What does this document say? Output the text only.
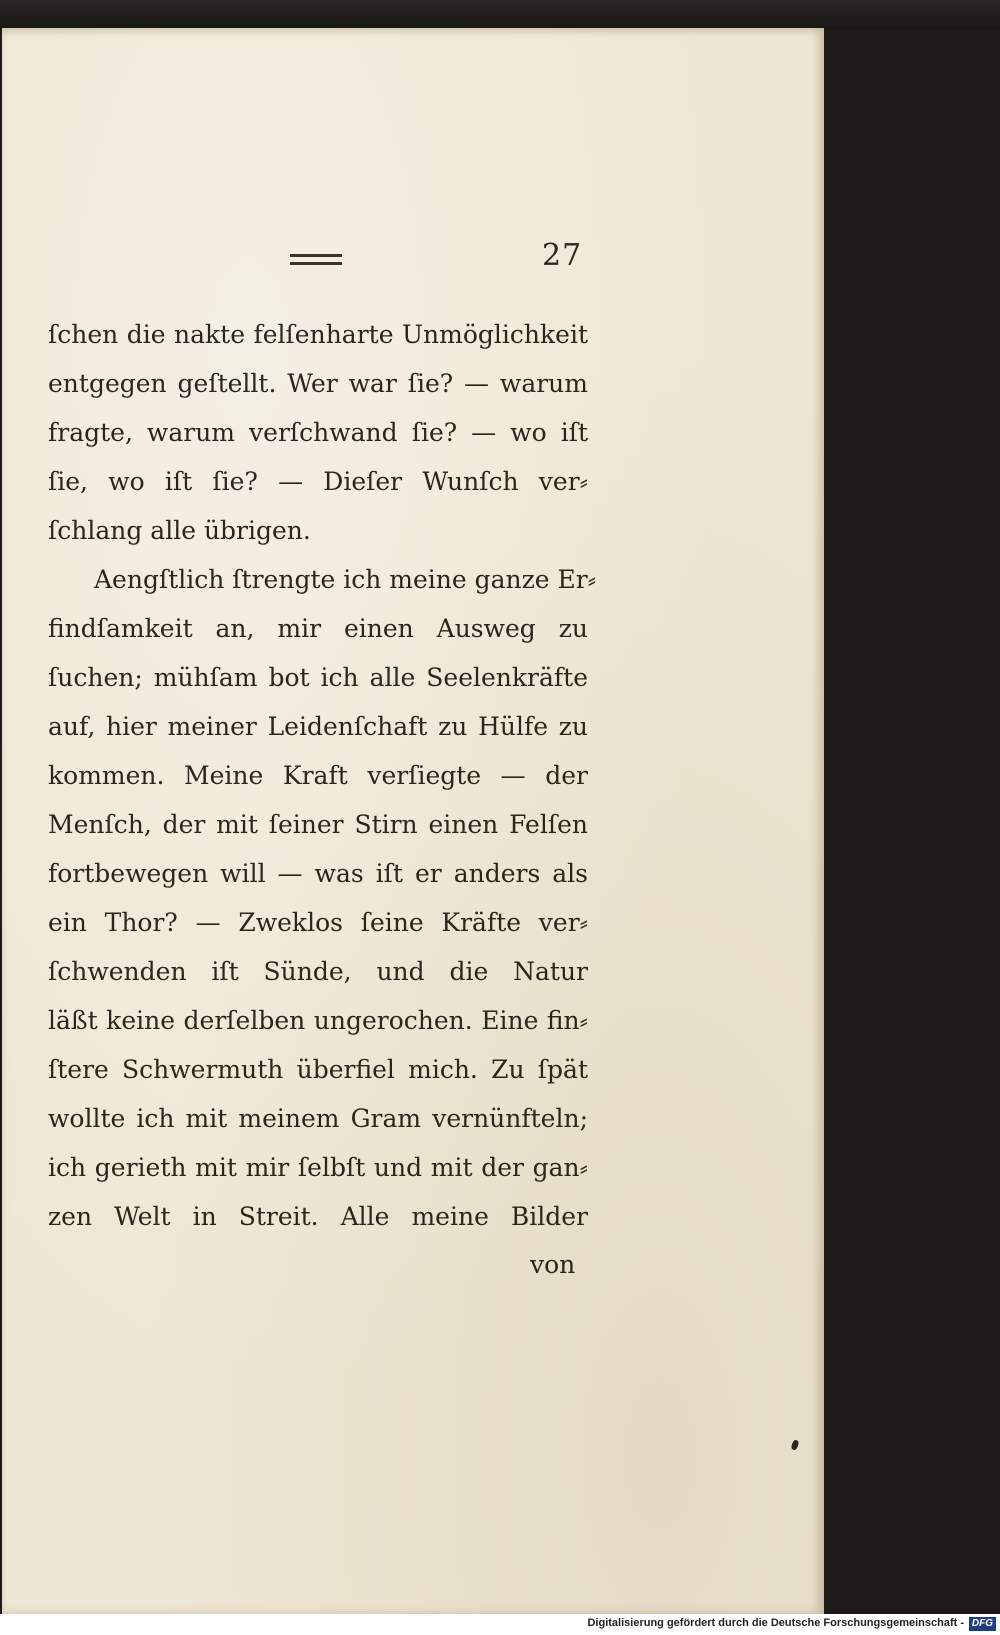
27
ſchen die nakte felſenharte Unmöglichkeit
entgegen geſtellt. Wer war ſie? — warum
fragte, warum verſchwand ſie? — wo iſt
ſie, wo iſt ſie? — Dieſer Wunſch ver⸗
ſchlang alle übrigen.
Aengſtlich ſtrengte ich meine ganze Er⸗
findſamkeit an, mir einen Ausweg zu
ſuchen; mühſam bot ich alle Seelenkräfte
auf, hier meiner Leidenſchaft zu Hülfe zu
kommen. Meine Kraft verſiegte — der
Menſch, der mit ſeiner Stirn einen Felſen
fortbewegen will — was iſt er anders als
ein Thor? — Zweklos ſeine Kräfte ver⸗
ſchwenden iſt Sünde, und die Natur
läßt keine derſelben ungerochen. Eine fin⸗
ſtere Schwermuth überfiel mich. Zu ſpät
wollte ich mit meinem Gram vernünfteln;
ich gerieth mit mir ſelbſt und mit der gan⸗
zen Welt in Streit. Alle meine Bilder
von
Digitalisierung gefördert durch die Deutsche Forschungsgemeinschaft - DFG
